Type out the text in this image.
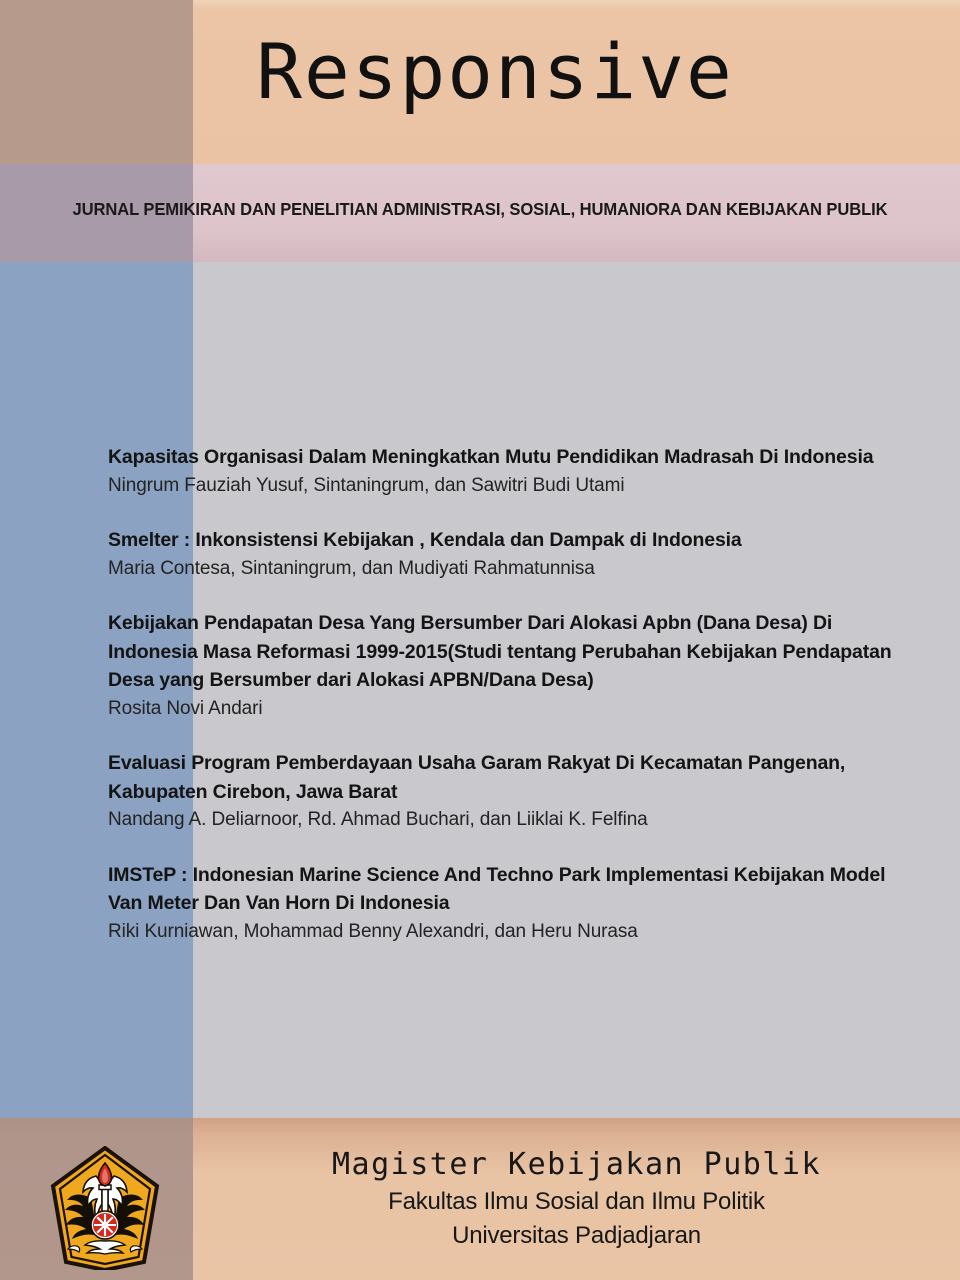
Responsive
JURNAL PEMIKIRAN DAN PENELITIAN ADMINISTRASI, SOSIAL, HUMANIORA DAN KEBIJAKAN PUBLIK
Kapasitas Organisasi Dalam Meningkatkan Mutu Pendidikan Madrasah Di Indonesia
Ningrum Fauziah Yusuf, Sintaningrum, dan Sawitri Budi Utami
Smelter : Inkonsistensi Kebijakan , Kendala dan Dampak di Indonesia
Maria Contesa, Sintaningrum, dan Mudiyati Rahmatunnisa
Kebijakan Pendapatan Desa Yang Bersumber Dari Alokasi Apbn (Dana Desa) Di Indonesia Masa Reformasi 1999-2015(Studi tentang Perubahan Kebijakan Pendapatan Desa yang Bersumber dari Alokasi APBN/Dana Desa)
Rosita Novi Andari
Evaluasi Program Pemberdayaan Usaha Garam Rakyat Di Kecamatan Pangenan, Kabupaten Cirebon, Jawa Barat
Nandang A. Deliarnoor, Rd. Ahmad Buchari, dan Liiklai K. Felfina
IMSTeP : Indonesian Marine Science And Techno Park Implementasi Kebijakan Model Van Meter Dan Van Horn Di Indonesia
Riki Kurniawan, Mohammad Benny Alexandri, dan Heru Nurasa
Magister Kebijakan Publik
Fakultas Ilmu Sosial dan Ilmu Politik
Universitas Padjadjaran
